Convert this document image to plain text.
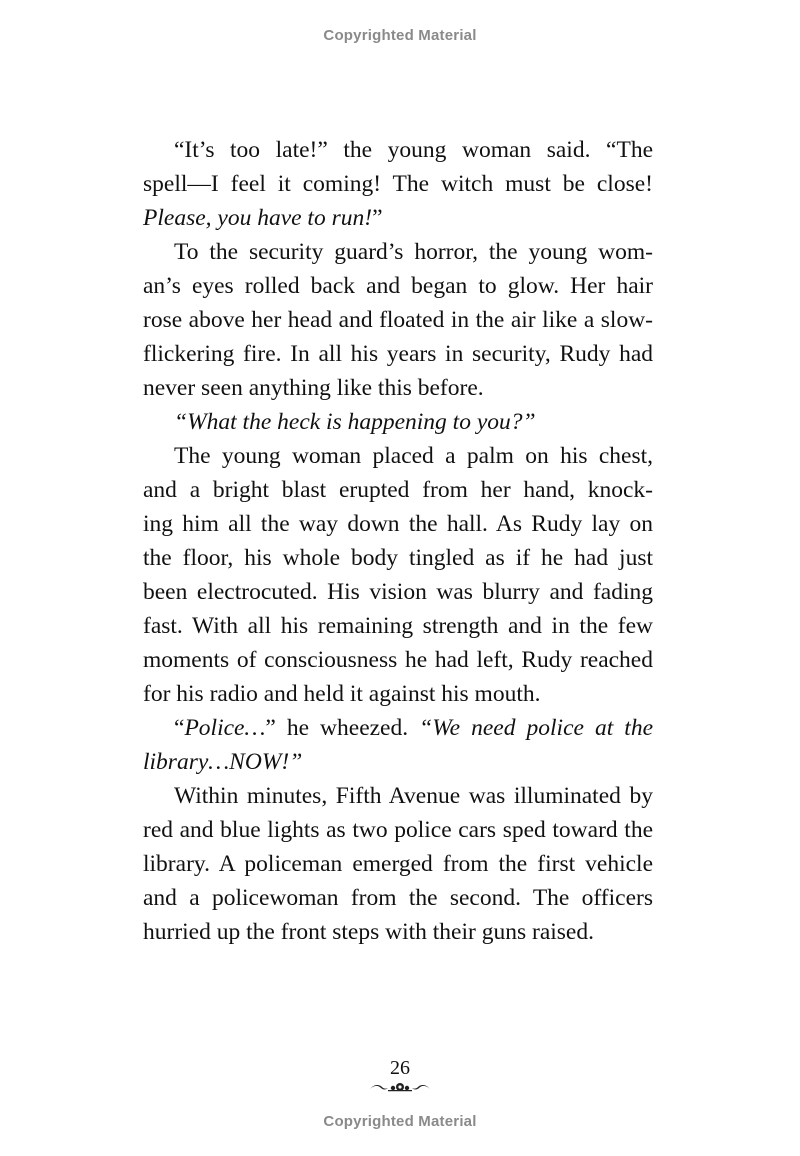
Copyrighted Material
“It’s too late!” the young woman said. “The
spell—I feel it coming! The witch must be close!
Please, you have to run!”
To the security guard’s horror, the young wom-
an’s eyes rolled back and began to glow. Her hair
rose above her head and floated in the air like a slow-
flickering fire. In all his years in security, Rudy had
never seen anything like this before.
“What the heck is happening to you?”
The young woman placed a palm on his chest,
and a bright blast erupted from her hand, knock-
ing him all the way down the hall. As Rudy lay on
the floor, his whole body tingled as if he had just
been electrocuted. His vision was blurry and fading
fast. With all his remaining strength and in the few
moments of consciousness he had left, Rudy reached
for his radio and held it against his mouth.
“Police…” he wheezed. “We need police at the
library…NOW!”
Within minutes, Fifth Avenue was illuminated by
red and blue lights as two police cars sped toward the
library. A policeman emerged from the first vehicle
and a policewoman from the second. The officers
hurried up the front steps with their guns raised.
26
Copyrighted Material
